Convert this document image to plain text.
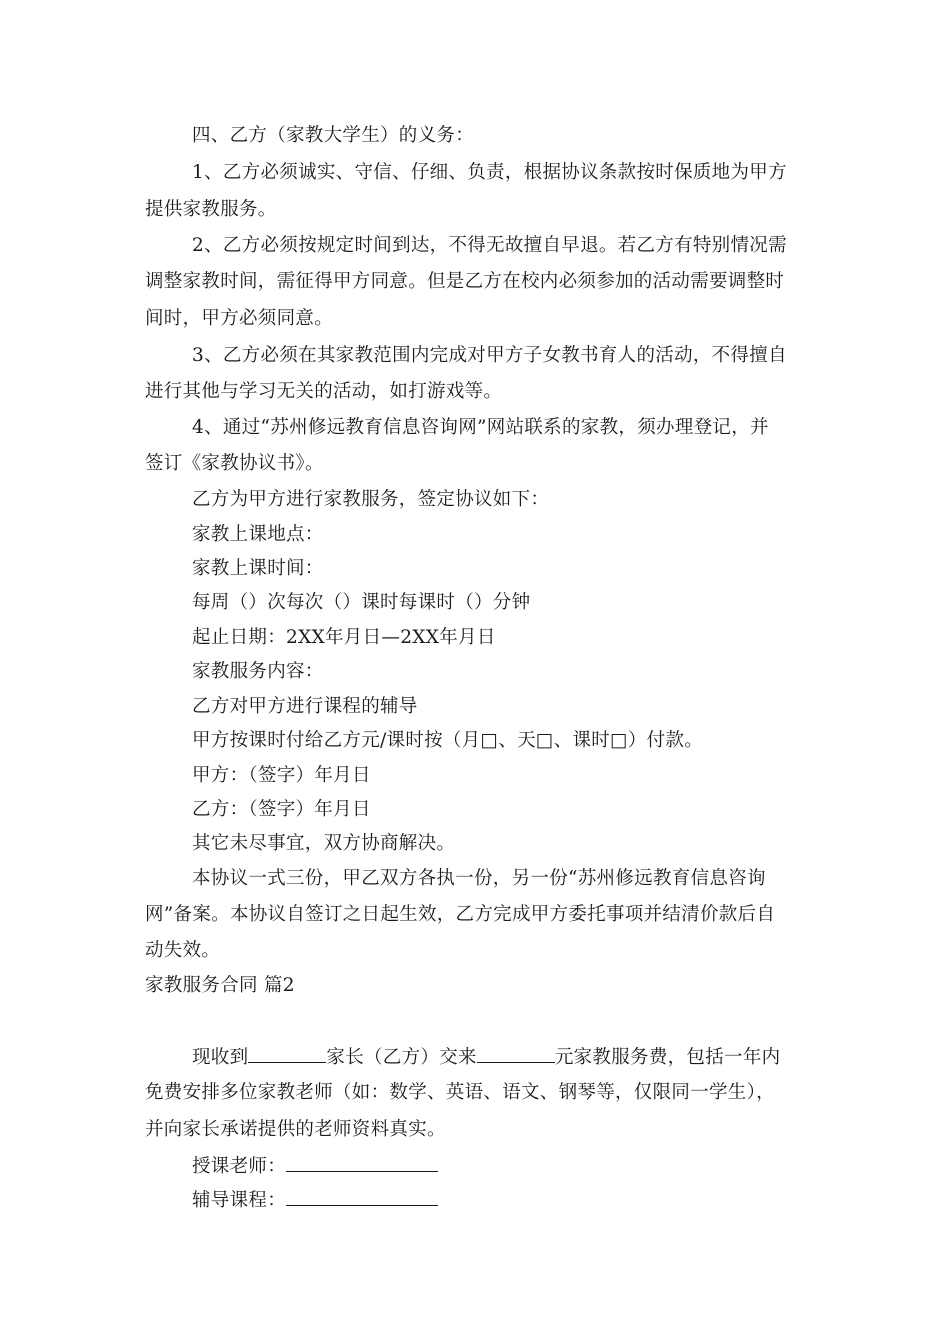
四、乙方（家教大学生）的义务：
1、乙方必须诚实、守信、仔细、负责，根据协议条款按时保质地为甲方
提供家教服务。
2、乙方必须按规定时间到达，不得无故擅自早退。若乙方有特别情况需
调整家教时间，需征得甲方同意。但是乙方在校内必须参加的活动需要调整时
间时，甲方必须同意。
3、乙方必须在其家教范围内完成对甲方子女教书育人的活动，不得擅自
进行其他与学习无关的活动，如打游戏等。
4、通过“苏州修远教育信息咨询网”网站联系的家教，须办理登记，并
签订《家教协议书》。
乙方为甲方进行家教服务，签定协议如下：
家教上课地点：
家教上课时间：
每周（）次每次（）课时每课时（）分钟
起止日期：2XX年月日—2XX年月日
家教服务内容：
乙方对甲方进行课程的辅导
甲方按课时付给乙方元/课时按（月□、天□、课时□）付款。
甲方：（签字）年月日
乙方：（签字）年月日
其它未尽事宜，双方协商解决。
本协议一式三份，甲乙双方各执一份，另一份“苏州修远教育信息咨询
网”备案。本协议自签订之日起生效，乙方完成甲方委托事项并结清价款后自
动失效。
家教服务合同 篇2
现收到	家长（乙方）交来	元家教服务费，包括一年内
免费安排多位家教老师（如：数学、英语、语文、钢琴等，仅限同一学生），
并向家长承诺提供的老师资料真实。
授课老师：
辅导课程：
